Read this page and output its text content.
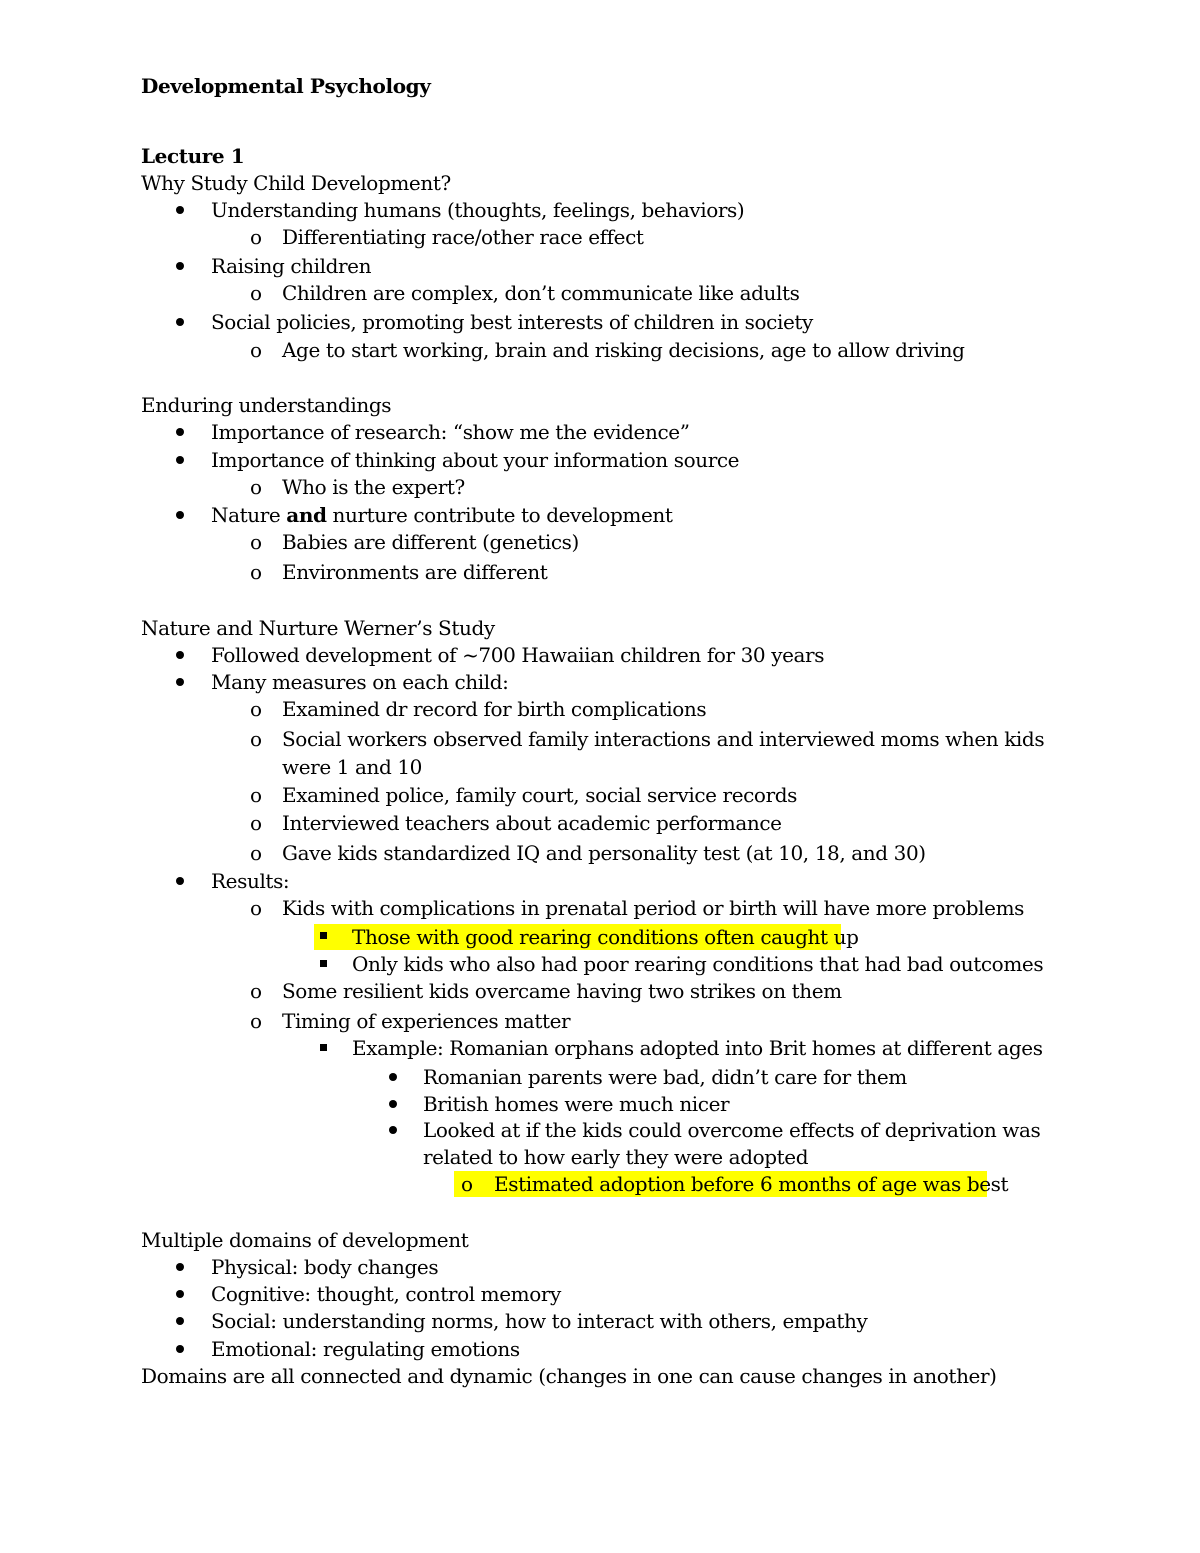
Developmental Psychology
Lecture 1
Why Study Child Development?
Understanding humans (thoughts, feelings, behaviors)
o Differentiating race/other race effect
Raising children
o Children are complex, don’t communicate like adults
Social policies, promoting best interests of children in society
o Age to start working, brain and risking decisions, age to allow driving
Enduring understandings
Importance of research: “show me the evidence”
Importance of thinking about your information source
o Who is the expert?
Nature and nurture contribute to development
o Babies are different (genetics)
o Environments are different
Nature and Nurture Werner’s Study
Followed development of ~700 Hawaiian children for 30 years
Many measures on each child:
o Examined dr record for birth complications
o Social workers observed family interactions and interviewed moms when kids
were 1 and 10
o Examined police, family court, social service records
o Interviewed teachers about academic performance
o Gave kids standardized IQ and personality test (at 10, 18, and 30)
Results:
o Kids with complications in prenatal period or birth will have more problems
Those with good rearing conditions often caught up
Only kids who also had poor rearing conditions that had bad outcomes
o Some resilient kids overcame having two strikes on them
o Timing of experiences matter
Example: Romanian orphans adopted into Brit homes at different ages
Romanian parents were bad, didn’t care for them
British homes were much nicer
Looked at if the kids could overcome effects of deprivation was
related to how early they were adopted
o Estimated adoption before 6 months of age was best
Multiple domains of development
Physical: body changes
Cognitive: thought, control memory
Social: understanding norms, how to interact with others, empathy
Emotional: regulating emotions
Domains are all connected and dynamic (changes in one can cause changes in another)
